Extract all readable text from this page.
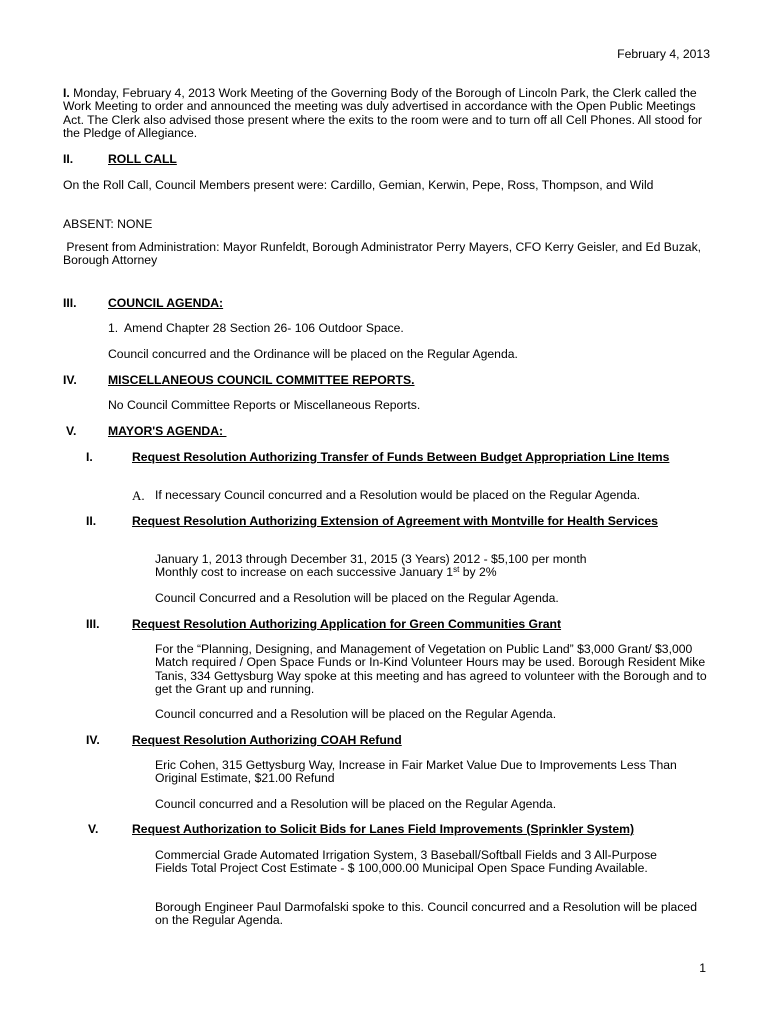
February 4, 2013
I. Monday, February 4, 2013 Work Meeting of the Governing Body of the Borough of Lincoln Park, the Clerk called the Work Meeting to order and announced the meeting was duly advertised in accordance with the Open Public Meetings Act. The Clerk also advised those present where the exits to the room were and to turn off all Cell Phones. All stood for the Pledge of Allegiance.
II.	ROLL CALL
On the Roll Call, Council Members present were: Cardillo, Gemian, Kerwin, Pepe, Ross, Thompson, and Wild
ABSENT: NONE
Present from Administration: Mayor Runfeldt, Borough Administrator Perry Mayers, CFO Kerry Geisler, and Ed Buzak, Borough Attorney
III.	COUNCIL AGENDA:
1. Amend Chapter 28 Section 26- 106 Outdoor Space.
Council concurred and the Ordinance will be placed on the Regular Agenda.
IV.	MISCELLANEOUS COUNCIL COMMITTEE REPORTS.
No Council Committee Reports or Miscellaneous Reports.
V.	MAYOR'S AGENDA:
I.	Request Resolution Authorizing Transfer of Funds Between Budget Appropriation Line Items
A. If necessary Council concurred and a Resolution would be placed on the Regular Agenda.
II.	Request Resolution Authorizing Extension of Agreement with Montville for Health Services
January 1, 2013 through December 31, 2015 (3 Years) 2012 - $5,100 per month
Monthly cost to increase on each successive January 1st by 2%
Council Concurred and a Resolution will be placed on the Regular Agenda.
III.	Request Resolution Authorizing Application for Green Communities Grant
For the “Planning, Designing, and Management of Vegetation on Public Land” $3,000 Grant/ $3,000 Match required / Open Space Funds or In-Kind Volunteer Hours may be used. Borough Resident Mike Tanis, 334 Gettysburg Way spoke at this meeting and has agreed to volunteer with the Borough and to get the Grant up and running.
Council concurred and a Resolution will be placed on the Regular Agenda.
IV.	Request Resolution Authorizing COAH Refund
Eric Cohen, 315 Gettysburg Way, Increase in Fair Market Value Due to Improvements Less Than Original Estimate, $21.00 Refund
Council concurred and a Resolution will be placed on the Regular Agenda.
V.	Request Authorization to Solicit Bids for Lanes Field Improvements (Sprinkler System)
Commercial Grade Automated Irrigation System, 3 Baseball/Softball Fields and 3 All-Purpose Fields Total Project Cost Estimate - $ 100,000.00 Municipal Open Space Funding Available.
Borough Engineer Paul Darmofalski spoke to this. Council concurred and a Resolution will be placed on the Regular Agenda.
1
